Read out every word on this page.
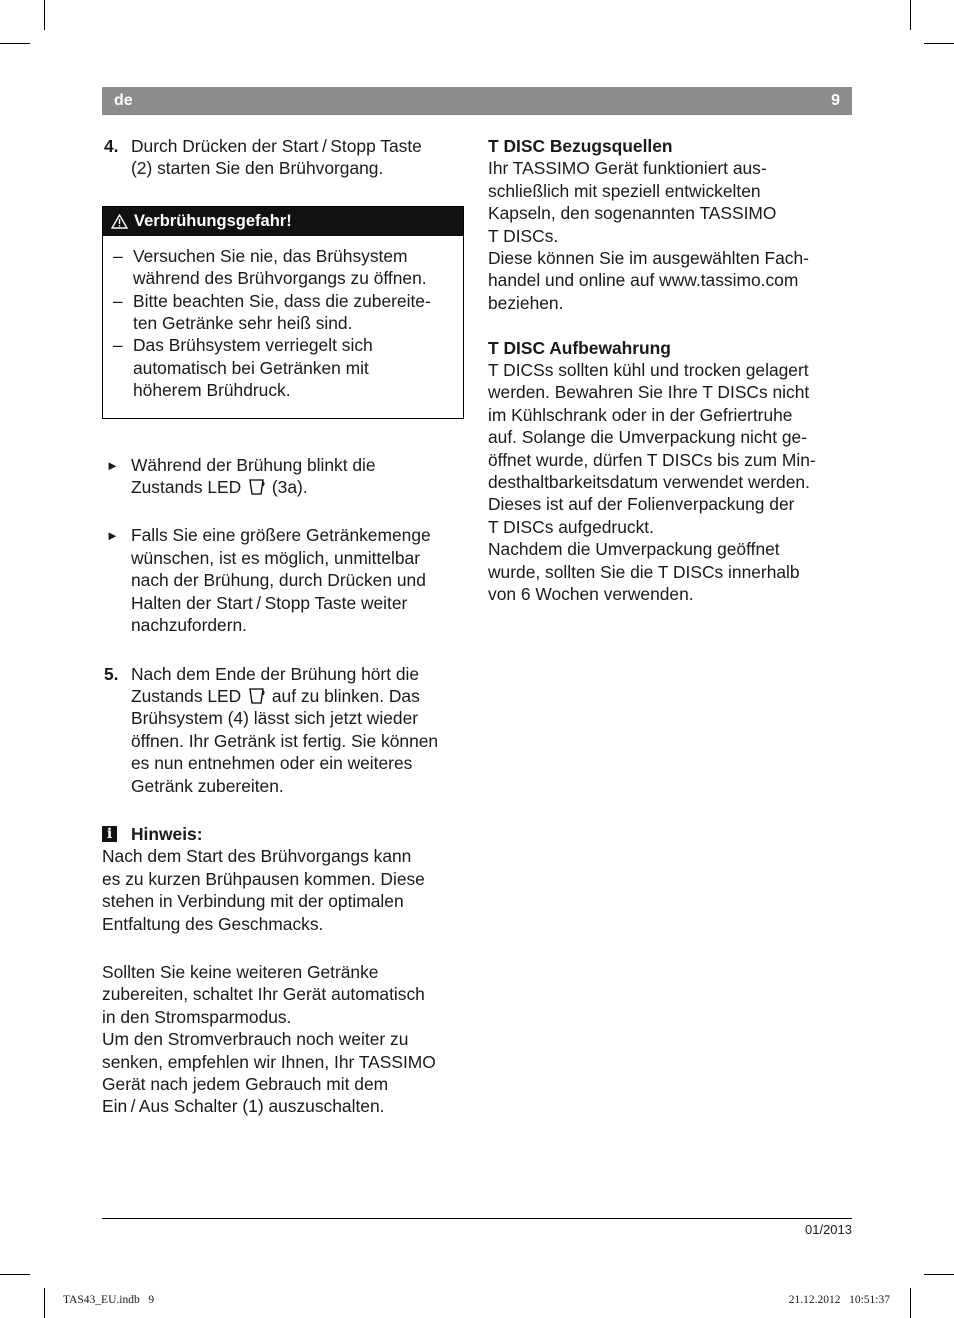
de	9
4. Durch Drücken der Start / Stopp Taste
(2) starten Sie den Brühvorgang.
Verbrühungsgefahr!
– Versuchen Sie nie, das Brühsystem
während des Brühvorgangs zu öffnen.
– Bitte beachten Sie, dass die zubereite-
ten Getränke sehr heiß sind.
– Das Brühsystem verriegelt sich
automatisch bei Getränken mit
höherem Brühdruck.
► Während der Brühung blinkt die
Zustands LED (3a).
► Falls Sie eine größere Getränkemenge
wünschen, ist es möglich, unmittelbar
nach der Brühung, durch Drücken und
Halten der Start / Stopp Taste weiter
nachzufordern.
5. Nach dem Ende der Brühung hört die
Zustands LED auf zu blinken. Das
Brühsystem (4) lässt sich jetzt wieder
öffnen. Ihr Getränk ist fertig. Sie können
es nun entnehmen oder ein weiteres
Getränk zubereiten.
i Hinweis:
Nach dem Start des Brühvorgangs kann
es zu kurzen Brühpausen kommen. Diese
stehen in Verbindung mit der optimalen
Entfaltung des Geschmacks.
Sollten Sie keine weiteren Getränke
zubereiten, schaltet Ihr Gerät automatisch
in den Stromsparmodus.
Um den Stromverbrauch noch weiter zu
senken, empfehlen wir Ihnen, Ihr TASSIMO
Gerät nach jedem Gebrauch mit dem
Ein / Aus Schalter (1) auszuschalten.
T DISC Bezugsquellen
Ihr TASSIMO Gerät funktioniert aus-
schließlich mit speziell entwickelten
Kapseln, den sogenannten TASSIMO
T DISCs.
Diese können Sie im ausgewählten Fach-
handel und online auf www.tassimo.com
beziehen.
T DISC Aufbewahrung
T DICSs sollten kühl und trocken gelagert
werden. Bewahren Sie Ihre T DISCs nicht
im Kühlschrank oder in der Gefriertruhe
auf. Solange die Umverpackung nicht ge-
öffnet wurde, dürfen T DISCs bis zum Min-
desthaltbarkeitsdatum verwendet werden.
Dieses ist auf der Folienverpackung der
T DISCs aufgedruckt.
Nachdem die Umverpackung geöffnet
wurde, sollten Sie die T DISCs innerhalb
von 6 Wochen verwenden.
01/2013
TAS43_EU.indb   9	21.12.2012   10:51:37
